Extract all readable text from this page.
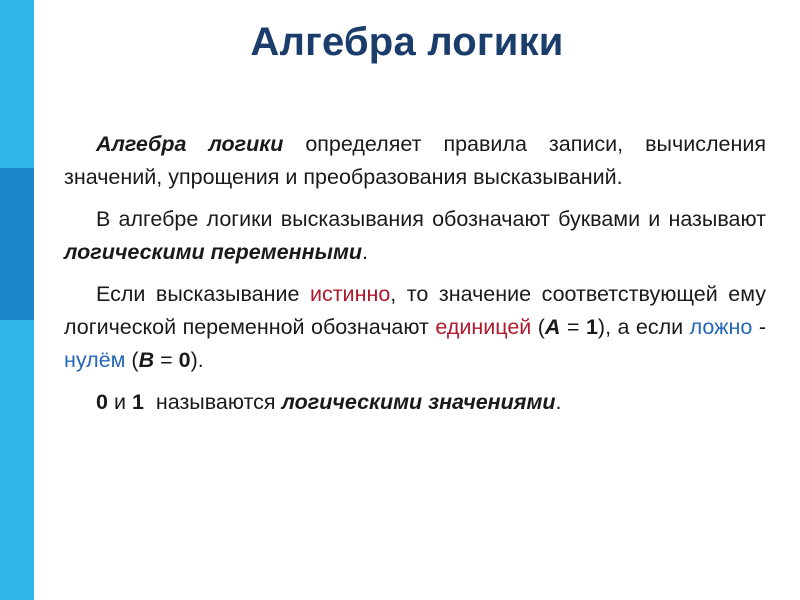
Алгебра логики

Алгебра логики определяет правила записи, вычисления значений, упрощения и преобразования высказываний.

В алгебре логики высказывания обозначают буквами и называют логическими переменными.

Если высказывание истинно, то значение соответствующей ему логической переменной обозначают единицей (А = 1), а если ложно - нулём (В = 0).

0 и 1  называются логическими значениями.
